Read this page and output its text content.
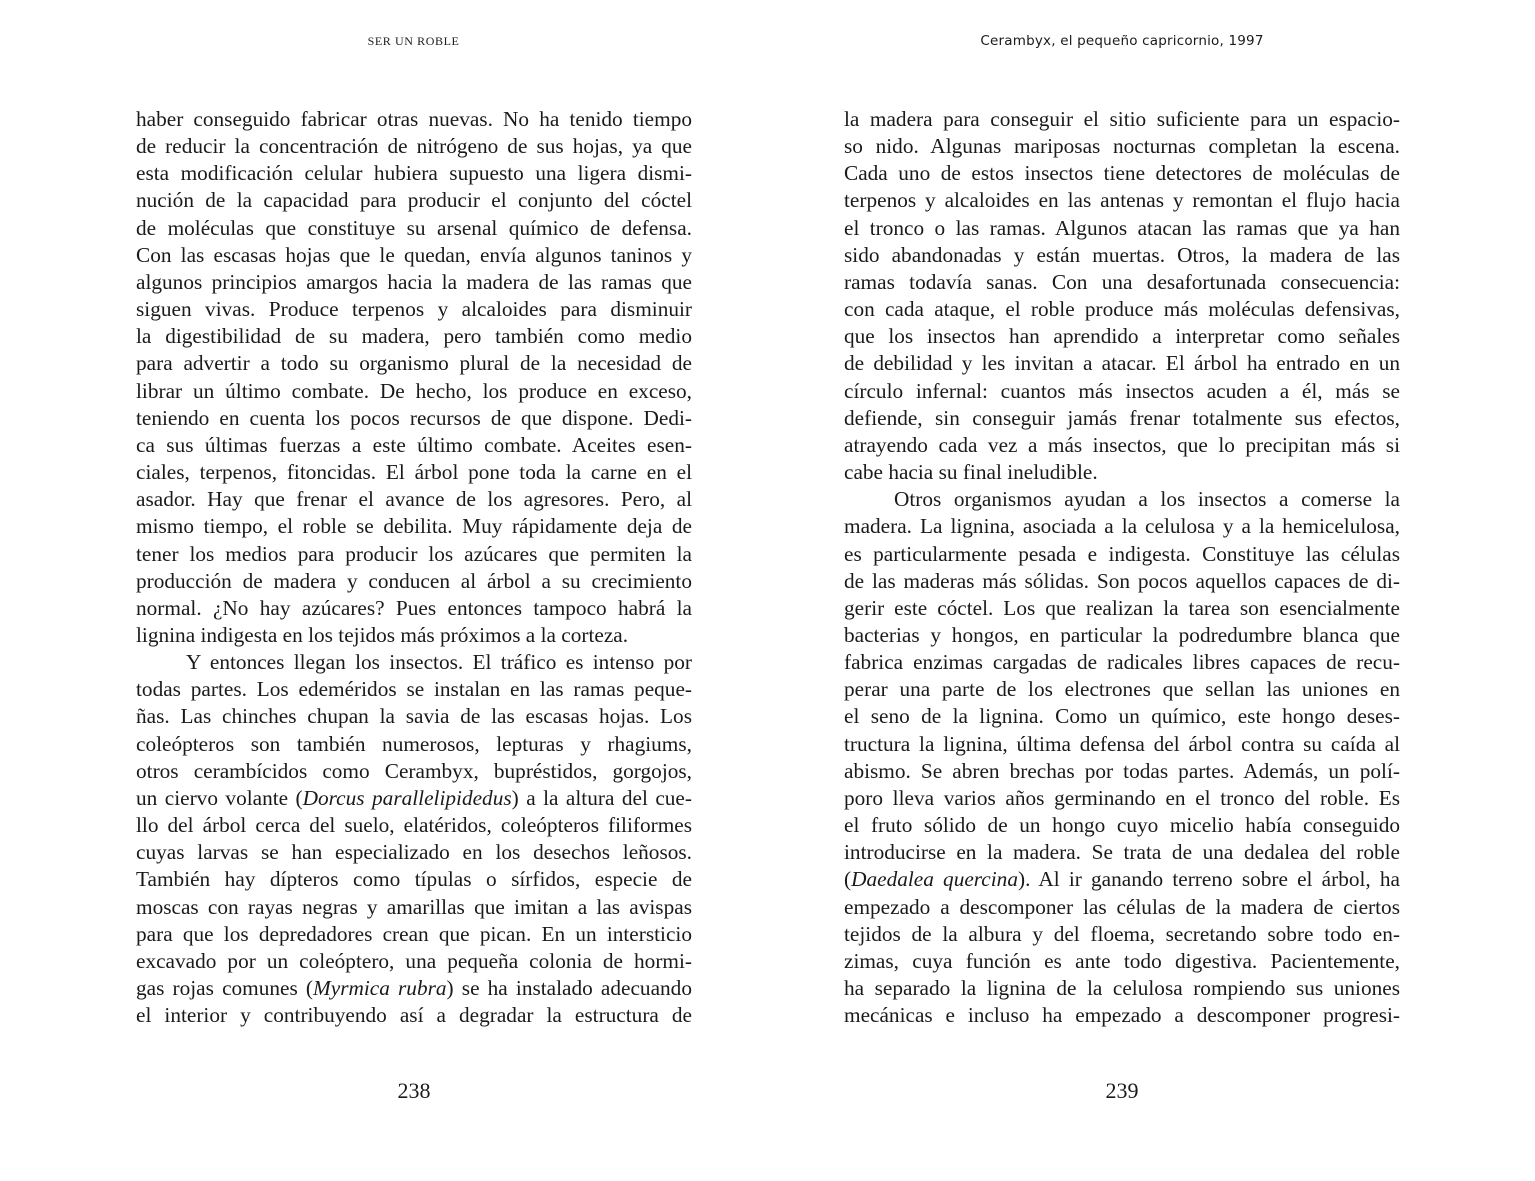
SER UN ROBLE

haber conseguido fabricar otras nuevas. No ha tenido tiempo
de reducir la concentración de nitrógeno de sus hojas, ya que
esta modificación celular hubiera supuesto una ligera dismi-
nución de la capacidad para producir el conjunto del cóctel
de moléculas que constituye su arsenal químico de defensa.
Con las escasas hojas que le quedan, envía algunos taninos y
algunos principios amargos hacia la madera de las ramas que
siguen vivas. Produce terpenos y alcaloides para disminuir
la digestibilidad de su madera, pero también como medio
para advertir a todo su organismo plural de la necesidad de
librar un último combate. De hecho, los produce en exceso,
teniendo en cuenta los pocos recursos de que dispone. Dedi-
ca sus últimas fuerzas a este último combate. Aceites esen-
ciales, terpenos, fitoncidas. El árbol pone toda la carne en el
asador. Hay que frenar el avance de los agresores. Pero, al
mismo tiempo, el roble se debilita. Muy rápidamente deja de
tener los medios para producir los azúcares que permiten la
producción de madera y conducen al árbol a su crecimiento
normal. ¿No hay azúcares? Pues entonces tampoco habrá la
lignina indigesta en los tejidos más próximos a la corteza.

Y entonces llegan los insectos. El tráfico es intenso por
todas partes. Los edeméridos se instalan en las ramas peque-
ñas. Las chinches chupan la savia de las escasas hojas. Los
coleópteros son también numerosos, lepturas y rhagiums,
otros cerambícidos como Cerambyx, bupréstidos, gorgojos,
un ciervo volante (Dorcus parallelipidedus) a la altura del cue-
llo del árbol cerca del suelo, elatéridos, coleópteros filiformes
cuyas larvas se han especializado en los desechos leñosos.
También hay dípteros como típulas o sírfidos, especie de
moscas con rayas negras y amarillas que imitan a las avispas
para que los depredadores crean que pican. En un intersticio
excavado por un coleóptero, una pequeña colonia de hormi-
gas rojas comunes (Myrmica rubra) se ha instalado adecuando
el interior y contribuyendo así a degradar la estructura de

238
Cerambyx, el pequeño capricornio, 1997

la madera para conseguir el sitio suficiente para un espacio-
so nido. Algunas mariposas nocturnas completan la escena.
Cada uno de estos insectos tiene detectores de moléculas de
terpenos y alcaloides en las antenas y remontan el flujo hacia
el tronco o las ramas. Algunos atacan las ramas que ya han
sido abandonadas y están muertas. Otros, la madera de las
ramas todavía sanas. Con una desafortunada consecuencia:
con cada ataque, el roble produce más moléculas defensivas,
que los insectos han aprendido a interpretar como señales
de debilidad y les invitan a atacar. El árbol ha entrado en un
círculo infernal: cuantos más insectos acuden a él, más se
defiende, sin conseguir jamás frenar totalmente sus efectos,
atrayendo cada vez a más insectos, que lo precipitan más si
cabe hacia su final ineludible.

Otros organismos ayudan a los insectos a comerse la
madera. La lignina, asociada a la celulosa y a la hemicelulosa,
es particularmente pesada e indigesta. Constituye las células
de las maderas más sólidas. Son pocos aquellos capaces de di-
gerir este cóctel. Los que realizan la tarea son esencialmente
bacterias y hongos, en particular la podredumbre blanca que
fabrica enzimas cargadas de radicales libres capaces de recu-
perar una parte de los electrones que sellan las uniones en
el seno de la lignina. Como un químico, este hongo deses-
tructura la lignina, última defensa del árbol contra su caída al
abismo. Se abren brechas por todas partes. Además, un polí-
poro lleva varios años germinando en el tronco del roble. Es
el fruto sólido de un hongo cuyo micelio había conseguido
introducirse en la madera. Se trata de una dedalea del roble
(Daedalea quercina). Al ir ganando terreno sobre el árbol, ha
empezado a descomponer las células de la madera de ciertos
tejidos de la albura y del floema, secretando sobre todo en-
zimas, cuya función es ante todo digestiva. Pacientemente,
ha separado la lignina de la celulosa rompiendo sus uniones
mecánicas e incluso ha empezado a descomponer progresi-

239
